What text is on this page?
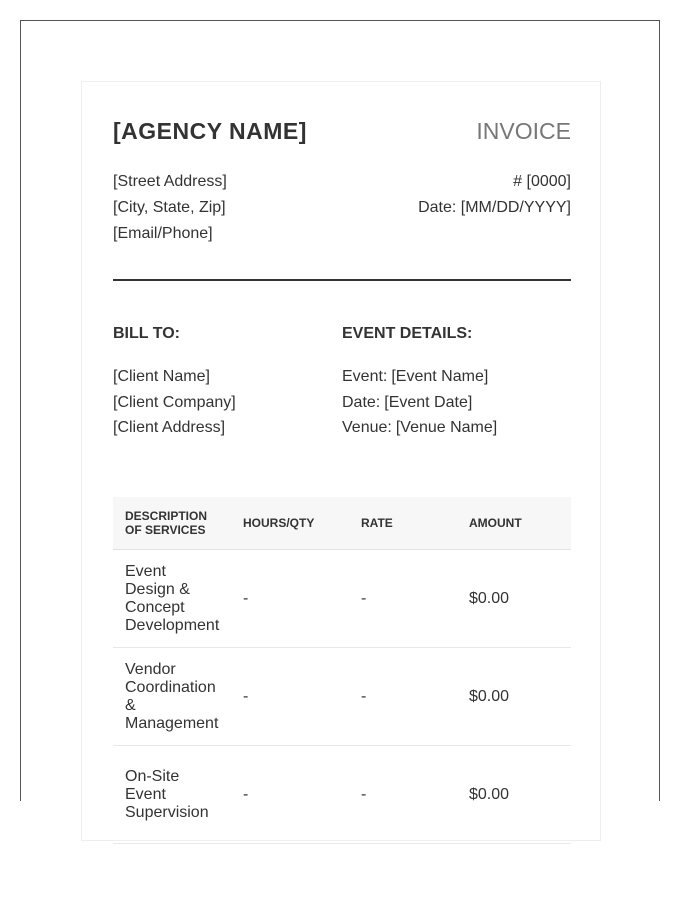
[AGENCY NAME]	INVOICE
[Street Address]
[City, State, Zip]
[Email/Phone]
# [0000]
Date: [MM/DD/YYYY]
BILL TO:	EVENT DETAILS:
[Client Name]
[Client Company]
[Client Address]
Event: [Event Name]
Date: [Event Date]
Venue: [Venue Name]
DESCRIPTION
OF SERVICES	HOURS/QTY	RATE	AMOUNT
Event Design & Concept Development	-	-	$0.00
Vendor Coordination & Management	-	-	$0.00
On-Site Event Supervision	-	-	$0.00
